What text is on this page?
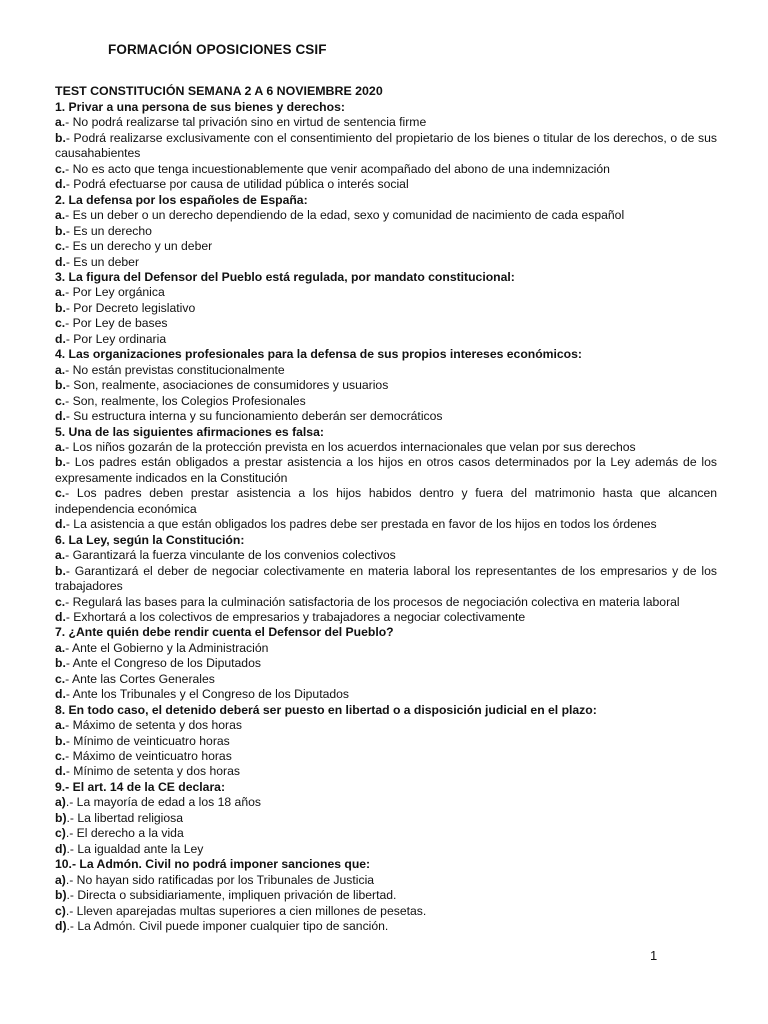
FORMACIÓN OPOSICIONES CSIF
TEST CONSTITUCIÓN SEMANA 2 A 6 NOVIEMBRE 2020
1. Privar a una persona de sus bienes y derechos:
a.- No podrá realizarse tal privación sino en virtud de sentencia firme
b.- Podrá realizarse exclusivamente con el consentimiento del propietario de los bienes o titular de los derechos, o de sus causahabientes
c.- No es acto que tenga incuestionablemente que venir acompañado del abono de una indemnización
d.- Podrá efectuarse por causa de utilidad pública o interés social
2. La defensa por los españoles de España:
a.- Es un deber o un derecho dependiendo de la edad, sexo y comunidad de nacimiento de cada español
b.- Es un derecho
c.- Es un derecho y un deber
d.- Es un deber
3. La figura del Defensor del Pueblo está regulada, por mandato constitucional:
a.- Por Ley orgánica
b.- Por Decreto legislativo
c.- Por Ley de bases
d.- Por Ley ordinaria
4. Las organizaciones profesionales para la defensa de sus propios intereses económicos:
a.- No están previstas constitucionalmente
b.- Son, realmente, asociaciones de consumidores y usuarios
c.- Son, realmente, los Colegios Profesionales
d.- Su estructura interna y su funcionamiento deberán ser democráticos
5. Una de las siguientes afirmaciones es falsa:
a.- Los niños gozarán de la protección prevista en los acuerdos internacionales que velan por sus derechos
b.- Los padres están obligados a prestar asistencia a los hijos en otros casos determinados por la Ley además de los expresamente indicados en la Constitución
c.- Los padres deben prestar asistencia a los hijos habidos dentro y fuera del matrimonio hasta que alcancen independencia económica
d.- La asistencia a que están obligados los padres debe ser prestada en favor de los hijos en todos los órdenes
6. La Ley, según la Constitución:
a.- Garantizará la fuerza vinculante de los convenios colectivos
b.- Garantizará el deber de negociar colectivamente en materia laboral los representantes de los empresarios y de los trabajadores
c.- Regulará las bases para la culminación satisfactoria de los procesos de negociación colectiva en materia laboral
d.- Exhortará a los colectivos de empresarios y trabajadores a negociar colectivamente
7. ¿Ante quién debe rendir cuenta el Defensor del Pueblo?
a.- Ante el Gobierno y la Administración
b.- Ante el Congreso de los Diputados
c.- Ante las Cortes Generales
d.- Ante los Tribunales y el Congreso de los Diputados
8. En todo caso, el detenido deberá ser puesto en libertad o a disposición judicial en el plazo:
a.- Máximo de setenta y dos horas
b.- Mínimo de veinticuatro horas
c.- Máximo de veinticuatro horas
d.- Mínimo de setenta y dos horas
9.- El art. 14 de la CE declara:
a).- La mayoría de edad a los 18 años
b).- La libertad religiosa
c).- El derecho a la vida
d).- La igualdad ante la Ley
10.- La Admón. Civil no podrá imponer sanciones que:
a).- No hayan sido ratificadas por los Tribunales de Justicia
b).- Directa o subsidiariamente, impliquen privación de libertad.
c).- Lleven aparejadas multas superiores a cien millones de pesetas.
d).- La Admón. Civil puede imponer cualquier tipo de sanción.
1
